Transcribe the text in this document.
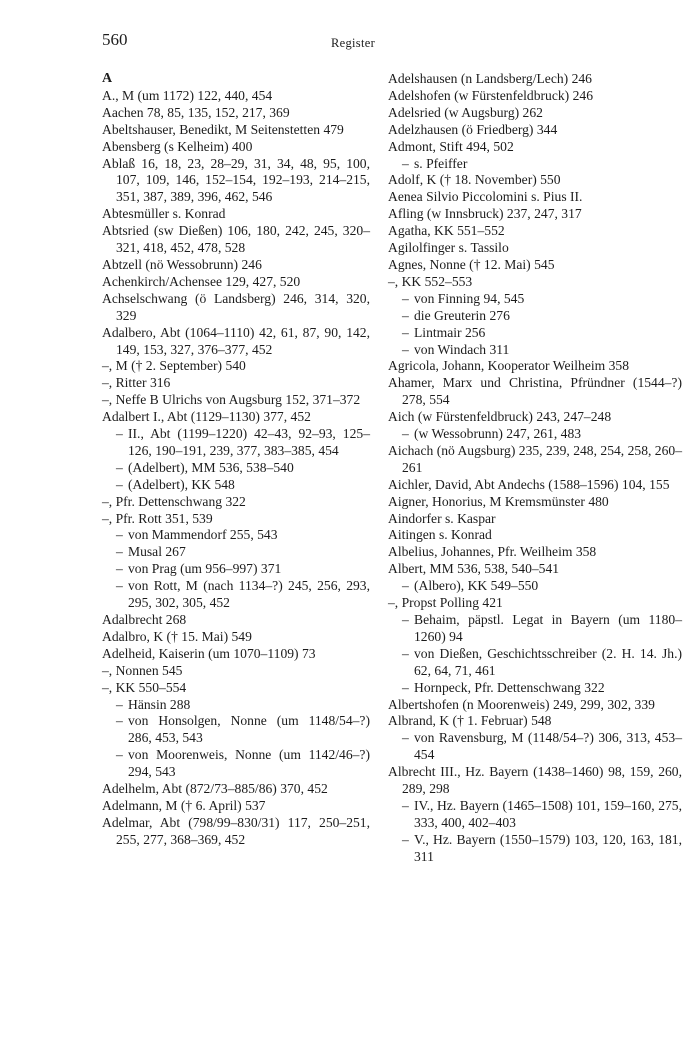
560	Register

A

A., M (um 1172) 122, 440, 454

Aachen 78, 85, 135, 152, 217, 369

Abeltshauser, Benedikt, M Seitenstetten 479

Abensberg (s Kelheim) 400

Ablaß 16, 18, 23, 28–29, 31, 34, 48, 95, 100, 107, 109, 146, 152–154, 192–193, 214–215, 351, 387, 389, 396, 462, 546

Abtesmüller s. Konrad

Abtsried (sw Dießen) 106, 180, 242, 245, 320–321, 418, 452, 478, 528

Abtzell (nö Wessobrunn) 246

Achenkirch/Achensee 129, 427, 520

Achselschwang (ö Landsberg) 246, 314, 320, 329

Adalbero, Abt (1064–1110) 42, 61, 87, 90, 142, 149, 153, 327, 376–377, 452

–, M († 2. September) 540

–, Ritter 316

–, Neffe B Ulrichs von Augsburg 152, 371–372

Adalbert I., Abt (1129–1130) 377, 452

– II., Abt (1199–1220) 42–43, 92–93, 125–126, 190–191, 239, 377, 383–385, 454

– (Adelbert), MM 536, 538–540

– (Adelbert), KK 548

–, Pfr. Dettenschwang 322

–, Pfr. Rott 351, 539

– von Mammendorf 255, 543

– Musal 267

– von Prag (um 956–997) 371

– von Rott, M (nach 1134–?) 245, 256, 293, 295, 302, 305, 452

Adalbrecht 268

Adalbro, K († 15. Mai) 549

Adelheid, Kaiserin (um 1070–1109) 73

–, Nonnen 545

–, KK 550–554

– Hänsin 288

– von Honsolgen, Nonne (um 1148/54–?) 286, 453, 543

– von Moorenweis, Nonne (um 1142/46–?) 294, 543

Adelhelm, Abt (872/73–885/86) 370, 452

Adelmann, M († 6. April) 537

Adelmar, Abt (798/99–830/31) 117, 250–251, 255, 277, 368–369, 452

Adelshausen (n Landsberg/Lech) 246

Adelshofen (w Fürstenfeldbruck) 246

Adelsried (w Augsburg) 262

Adelzhausen (ö Friedberg) 344

Admont, Stift 494, 502

– s. Pfeiffer

Adolf, K († 18. November) 550

Aenea Silvio Piccolomini s. Pius II.

Afling (w Innsbruck) 237, 247, 317

Agatha, KK 551–552

Agilolfinger s. Tassilo

Agnes, Nonne († 12. Mai) 545

–, KK 552–553

– von Finning 94, 545

– die Greuterin 276

– Lintmair 256

– von Windach 311

Agricola, Johann, Kooperator Weilheim 358

Ahamer, Marx und Christina, Pfründner (1544–?) 278, 554

Aich (w Fürstenfeldbruck) 243, 247–248

– (w Wessobrunn) 247, 261, 483

Aichach (nö Augsburg) 235, 239, 248, 254, 258, 260–261

Aichler, David, Abt Andechs (1588–1596) 104, 155

Aigner, Honorius, M Kremsmünster 480

Aindorfer s. Kaspar

Aitingen s. Konrad

Albelius, Johannes, Pfr. Weilheim 358

Albert, MM 536, 538, 540–541

– (Albero), KK 549–550

–, Propst Polling 421

– Behaim, päpstl. Legat in Bayern (um 1180–1260) 94

– von Dießen, Geschichtsschreiber (2. H. 14. Jh.) 62, 64, 71, 461

– Hornpeck, Pfr. Dettenschwang 322

Albertshofen (n Moorenweis) 249, 299, 302, 339

Albrand, K († 1. Februar) 548

– von Ravensburg, M (1148/54–?) 306, 313, 453–454

Albrecht III., Hz. Bayern (1438–1460) 98, 159, 260, 289, 298

– IV., Hz. Bayern (1465–1508) 101, 159–160, 275, 333, 400, 402–403

– V., Hz. Bayern (1550–1579) 103, 120, 163, 181, 311
